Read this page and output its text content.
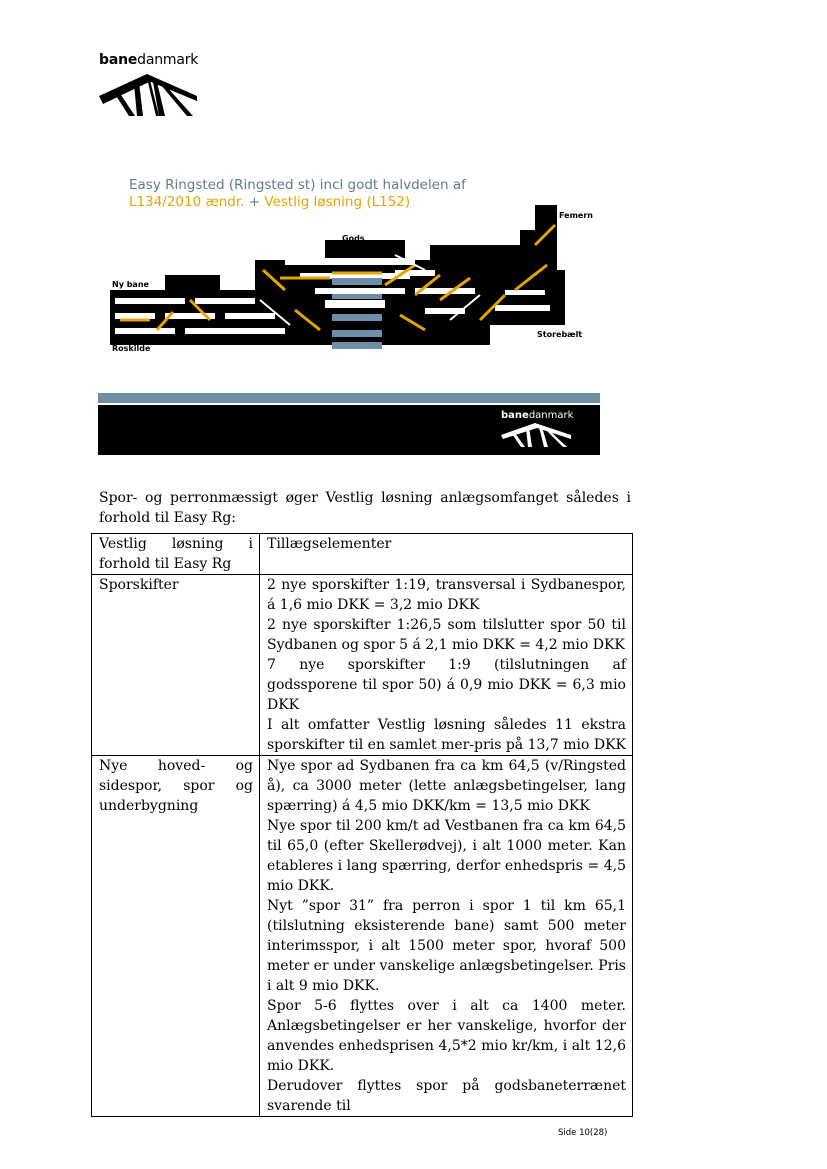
banedanmark
Easy Ringsted (Ringsted st) incl godt halvdelen af
L134/2010 ændr. + Vestlig løsning (L152)
Ny bane
Roskilde
Gods
Femern
Storebælt
banedanmark

Spor- og perronmæssigt øger Vestlig løsning anlægsomfanget således i forhold til Easy Rg:

Vestlig løsning i forhold til Easy Rg	Tillægselementer
Sporskifter	2 nye sporskifter 1:19, transversal i Sydbanespor, á 1,6 mio DKK = 3,2 mio DKK

2 nye sporskifter 1:26,5 som tilslutter spor 50 til Sydbanen og spor 5 á 2,1 mio DKK = 4,2 mio DKK

7 nye sporskifter 1:9 (tilslutningen af godssporene til spor 50) á 0,9 mio DKK = 6,3 mio DKK

I alt omfatter Vestlig løsning således 11 ekstra sporskifter til en samlet mer-pris på 13,7 mio DKK

Nye hoved- og sidespor, spor og underbygning	Nye spor ad Sydbanen fra ca km 64,5 (v/Ringsted å), ca 3000 meter (lette anlægsbetingelser, lang spærring) á 4,5 mio DKK/km = 13,5 mio DKK

Nye spor til 200 km/t ad Vestbanen fra ca km 64,5 til 65,0 (efter Skellerødvej), i alt 1000 meter. Kan etableres i lang spærring, derfor enhedspris = 4,5 mio DKK.

Nyt ”spor 31” fra perron i spor 1 til km 65,1 (tilslutning eksisterende bane) samt 500 meter interimsspor, i alt 1500 meter spor, hvoraf 500 meter er under vanskelige anlægsbetingelser. Pris i alt 9 mio DKK.

Spor 5-6 flyttes over i alt ca 1400 meter. Anlægsbetingelser er her vanskelige, hvorfor der anvendes enhedsprisen 4,5*2 mio kr/km, i alt 12,6 mio DKK.

Derudover flyttes spor på godsbaneterrænet svarende til

Side 10(28)
